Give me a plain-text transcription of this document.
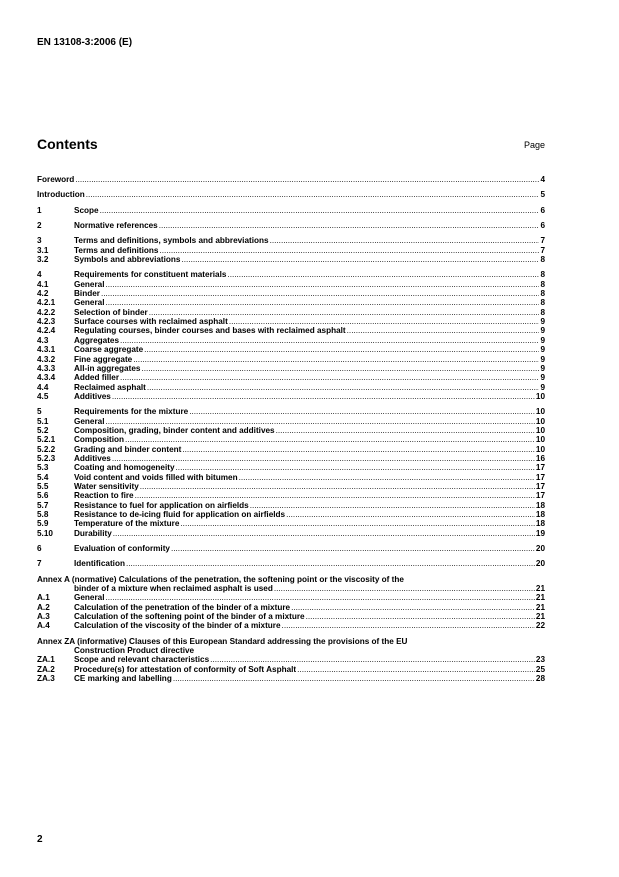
EN 13108-3:2006 (E)
Contents	Page
Foreword .....	4
Introduction .....	5
1	Scope .....	6
2	Normative references .....	6
3	Terms and definitions, symbols and abbreviations .....	7
3.1	Terms and definitions .....	7
3.2	Symbols and abbreviations .....	8
4	Requirements for constituent materials .....	8
4.1	General .....	8
4.2	Binder .....	8
4.2.1	General .....	8
4.2.2	Selection of binder .....	8
4.2.3	Surface courses with reclaimed asphalt .....	9
4.2.4	Regulating courses, binder courses and bases with reclaimed asphalt .....	9
4.3	Aggregates .....	9
4.3.1	Coarse aggregate .....	9
4.3.2	Fine aggregate .....	9
4.3.3	All-in aggregates .....	9
4.3.4	Added filler .....	9
4.4	Reclaimed asphalt .....	9
4.5	Additives .....	10
5	Requirements for the mixture .....	10
5.1	General .....	10
5.2	Composition, grading, binder content and additives .....	10
5.2.1	Composition .....	10
5.2.2	Grading and binder content .....	10
5.2.3	Additives .....	16
5.3	Coating and homogeneity .....	17
5.4	Void content and voids filled with bitumen .....	17
5.5	Water sensitivity .....	17
5.6	Reaction to fire .....	17
5.7	Resistance to fuel for application on airfields .....	18
5.8	Resistance to de-icing fluid for application on airfields .....	18
5.9	Temperature of the mixture .....	18
5.10	Durability .....	19
6	Evaluation of conformity .....	20
7	Identification .....	20
Annex A (normative) Calculations of the penetration, the softening point or the viscosity of the
binder of a mixture when reclaimed asphalt is used .....	21
A.1	General .....	21
A.2	Calculation of the penetration of the binder of a mixture .....	21
A.3	Calculation of the softening point of the binder of a mixture .....	21
A.4	Calculation of the viscosity of the binder of a mixture .....	22
Annex ZA (informative) Clauses of this European Standard addressing the provisions of the EU
Construction Product directive
ZA.1	Scope and relevant characteristics .....	23
ZA.2	Procedure(s) for attestation of conformity of Soft Asphalt .....	25
ZA.3	CE marking and labelling .....	28
2
